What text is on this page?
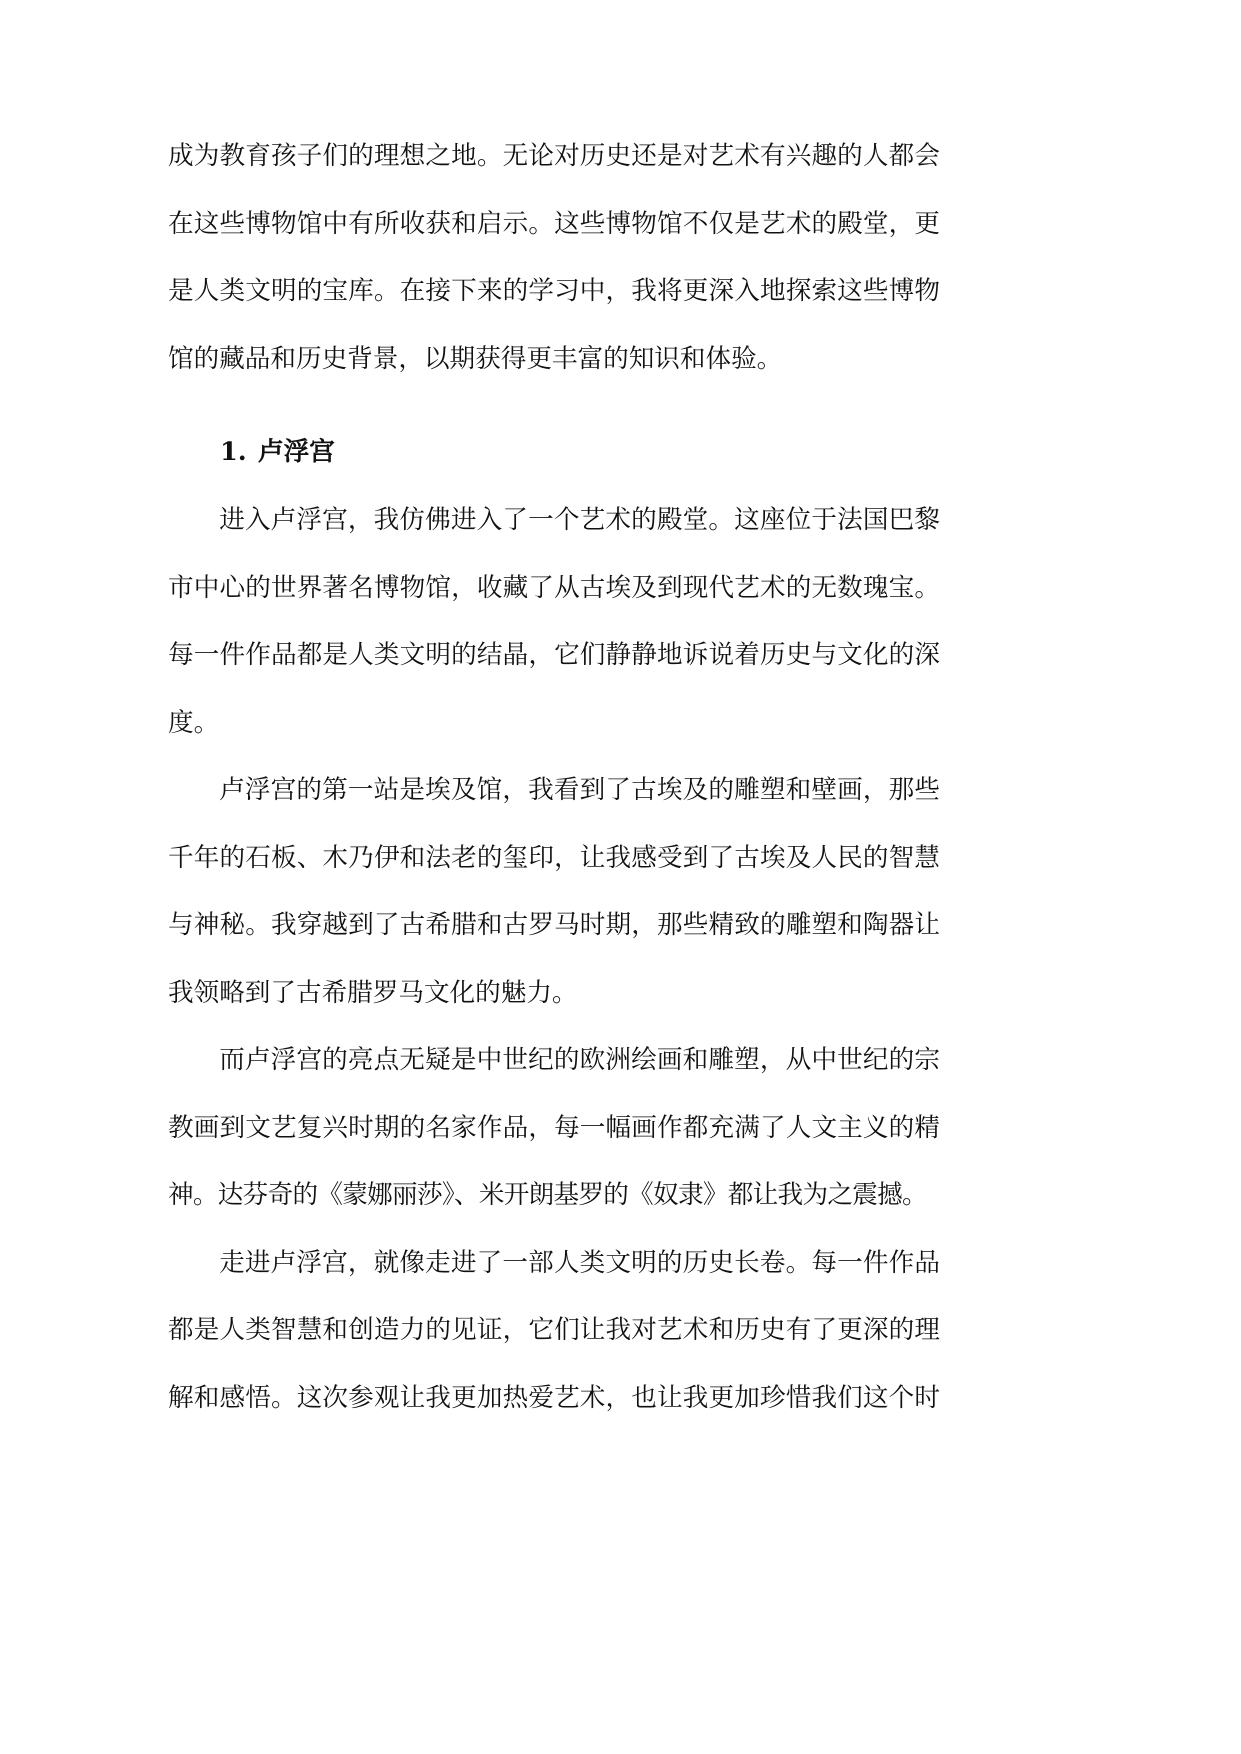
成为教育孩子们的理想之地。无论对历史还是对艺术有兴趣的人都会
在这些博物馆中有所收获和启示。这些博物馆不仅是艺术的殿堂，更
是人类文明的宝库。在接下来的学习中，我将更深入地探索这些博物
馆的藏品和历史背景，以期获得更丰富的知识和体验。
1. 卢浮宫
进入卢浮宫，我仿佛进入了一个艺术的殿堂。这座位于法国巴黎
市中心的世界著名博物馆，收藏了从古埃及到现代艺术的无数瑰宝。
每一件作品都是人类文明的结晶，它们静静地诉说着历史与文化的深
度。
卢浮宫的第一站是埃及馆，我看到了古埃及的雕塑和壁画，那些
千年的石板、木乃伊和法老的玺印，让我感受到了古埃及人民的智慧
与神秘。我穿越到了古希腊和古罗马时期，那些精致的雕塑和陶器让
我领略到了古希腊罗马文化的魅力。
而卢浮宫的亮点无疑是中世纪的欧洲绘画和雕塑，从中世纪的宗
教画到文艺复兴时期的名家作品，每一幅画作都充满了人文主义的精
神。达芬奇的《蒙娜丽莎》、米开朗基罗的《奴隶》都让我为之震撼。
走进卢浮宫，就像走进了一部人类文明的历史长卷。每一件作品
都是人类智慧和创造力的见证，它们让我对艺术和历史有了更深的理
解和感悟。这次参观让我更加热爱艺术，也让我更加珍惜我们这个时
